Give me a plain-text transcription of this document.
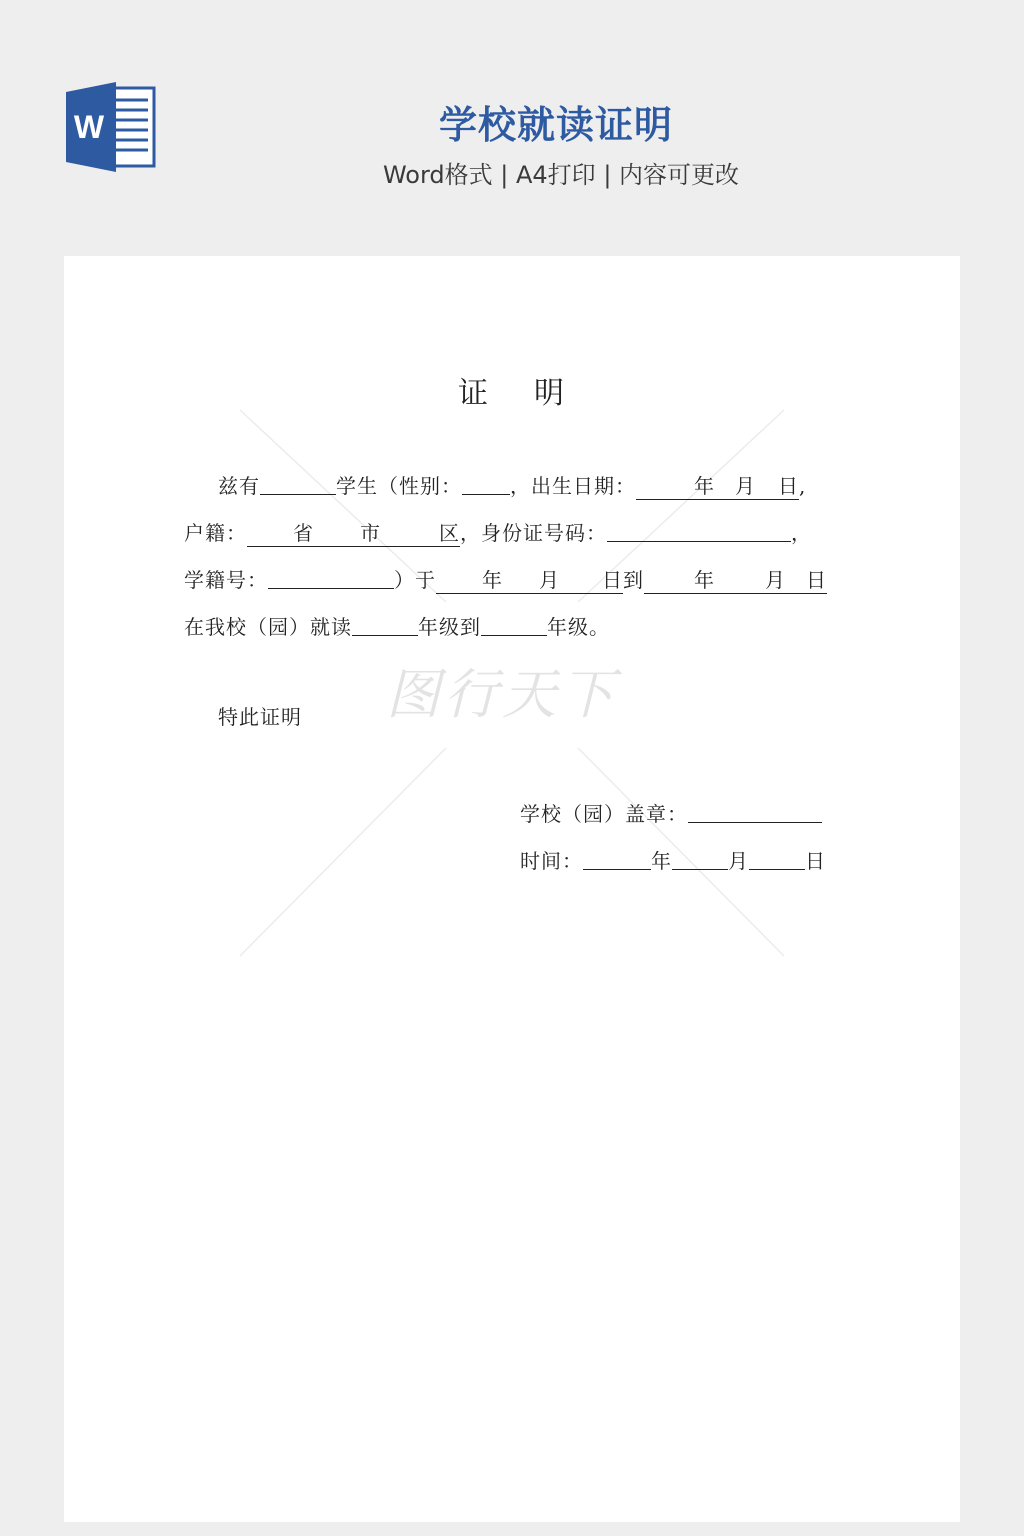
W	学校就读证明
Word格式 | A4打印 | 内容可更改
图行天下
证 明
兹有	学生（性别： ，出生日期：	年 月 日,
户籍： 省 市	区，身份证号码：	，
学籍号：	）于 年 月 日到	年	月 日
在我校（园）就读	年级到	年级。
特此证明
学校（园）盖章：
时间：	年	月	日
